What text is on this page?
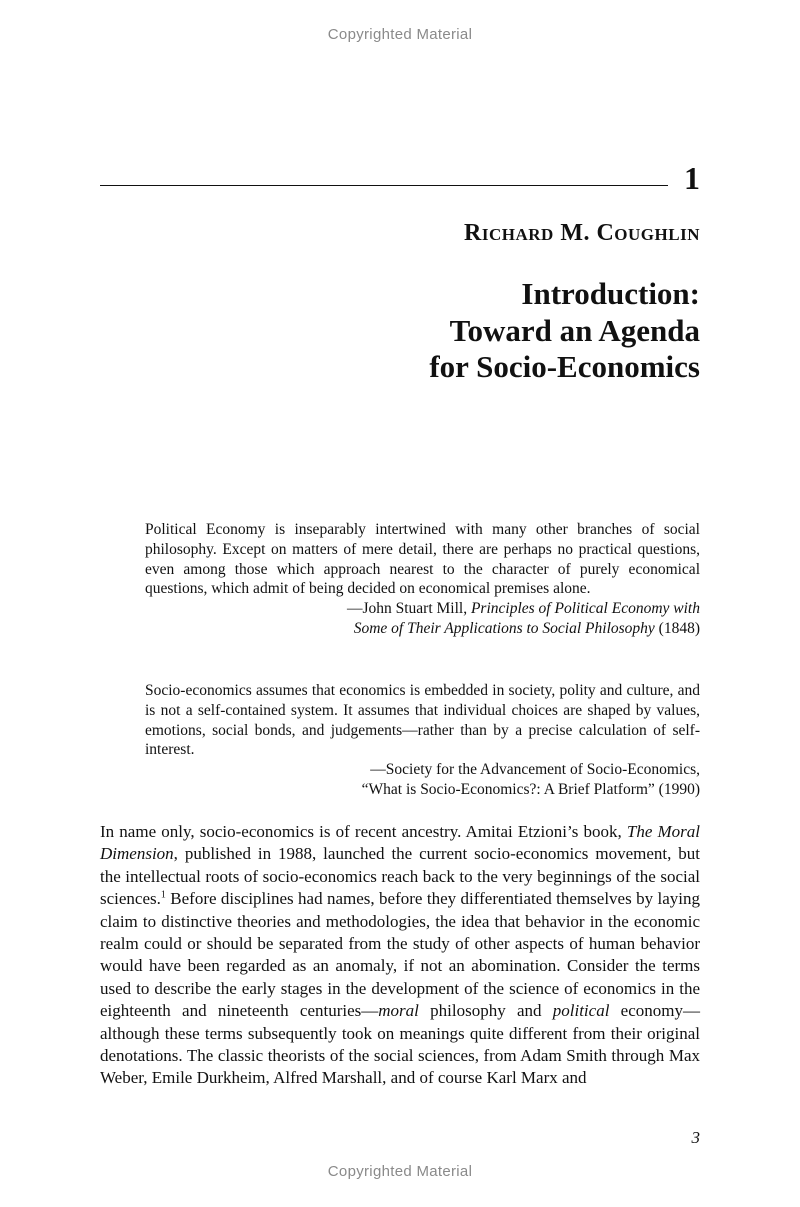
Copyrighted Material
1
Richard M. Coughlin
Introduction:
Toward an Agenda
for Socio-Economics
Political Economy is inseparably intertwined with many other branches of social philosophy. Except on matters of mere detail, there are perhaps no practical questions, even among those which approach nearest to the character of purely economical questions, which admit of being decided on economical premises alone.
—John Stuart Mill, Principles of Political Economy with
Some of Their Applications to Social Philosophy (1848)
Socio-economics assumes that economics is embedded in society, polity and culture, and is not a self-contained system. It assumes that individual choices are shaped by values, emotions, social bonds, and judgements—rather than by a precise calculation of self-interest.
—Society for the Advancement of Socio-Economics,
“What is Socio-Economics?: A Brief Platform” (1990)
In name only, socio-economics is of recent ancestry. Amitai Etzioni’s book, The Moral Dimension, published in 1988, launched the current socio-economics movement, but the intellectual roots of socio-economics reach back to the very beginnings of the social sciences.$^1$ Before disciplines had names, before they differentiated themselves by laying claim to distinctive theories and methodologies, the idea that behavior in the economic realm could or should be separated from the study of other aspects of human behavior would have been regarded as an anomaly, if not an abomination. Consider the terms used to describe the early stages in the development of the science of economics in the eighteenth and nineteenth centuries—moral philosophy and political economy—although these terms subsequently took on meanings quite different from their original denotations. The classic theorists of the social sciences, from Adam Smith through Max Weber, Emile Durkheim, Alfred Marshall, and of course Karl Marx and
3
Copyrighted Material
